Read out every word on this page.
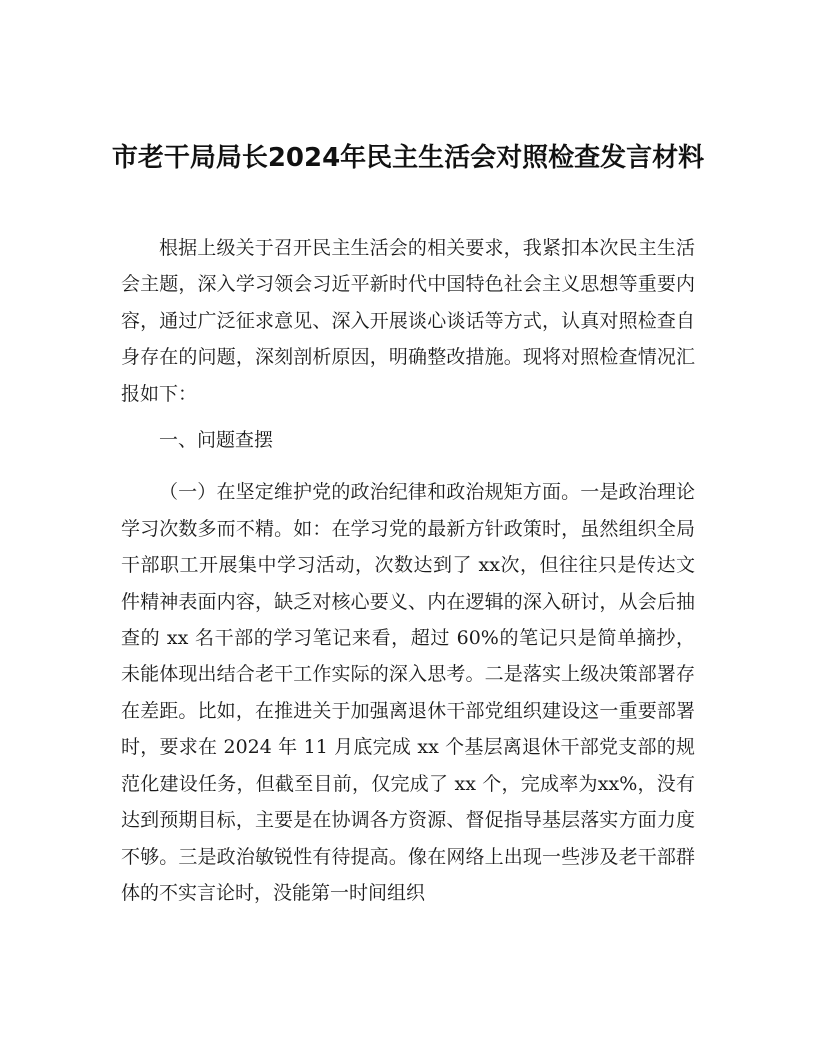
市老干局局长2024年民主生活会对照检查发言材料

根据上级关于召开民主生活会的相关要求，我紧扣本次民主生活会主题，深入学习领会习近平新时代中国特色社会主义思想等重要内容，通过广泛征求意见、深入开展谈心谈话等方式，认真对照检查自身存在的问题，深刻剖析原因，明确整改措施。现将对照检查情况汇报如下：

一、问题查摆

（一）在坚定维护党的政治纪律和政治规矩方面。一是政治理论学习次数多而不精。如：在学习党的最新方针政策时，虽然组织全局干部职工开展集中学习活动，次数达到了 xx次，但往往只是传达文件精神表面内容，缺乏对核心要义、内在逻辑的深入研讨，从会后抽查的 xx 名干部的学习笔记来看，超过 60%的笔记只是简单摘抄，未能体现出结合老干工作实际的深入思考。二是落实上级决策部署存在差距。比如，在推进关于加强离退休干部党组织建设这一重要部署时，要求在 2024 年 11 月底完成 xx 个基层离退休干部党支部的规范化建设任务，但截至目前，仅完成了 xx 个，完成率为xx%，没有达到预期目标，主要是在协调各方资源、督促指导基层落实方面力度不够。三是政治敏锐性有待提高。像在网络上出现一些涉及老干部群体的不实言论时，没能第一时间组织
